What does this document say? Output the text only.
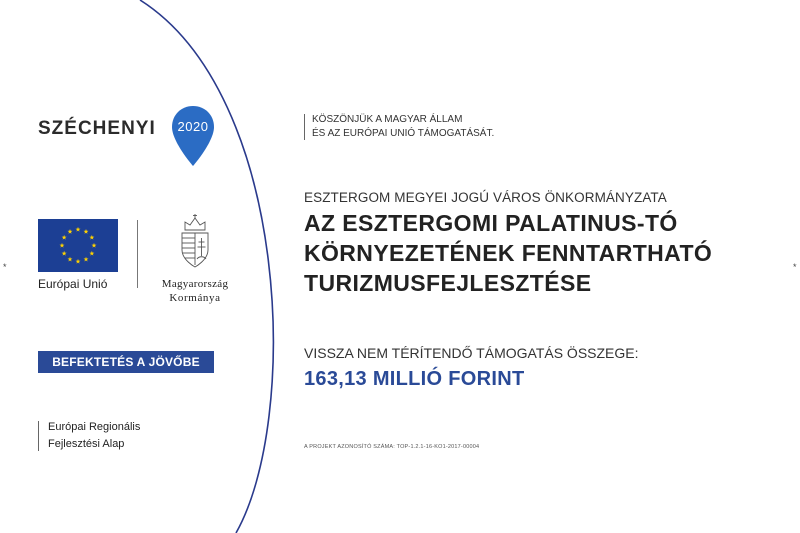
*	*
SZÉCHENYI 2020
Európai Unió	Magyarország
Kormánya
BEFEKTETÉS A JÖVŐBE
Európai Regionális
Fejlesztési Alap
KÖSZÖNJÜK A MAGYAR ÁLLAM
ÉS AZ EURÓPAI UNIÓ TÁMOGATÁSÁT.
ESZTERGOM MEGYEI JOGÚ VÁROS ÖNKORMÁNYZATA
AZ ESZTERGOMI PALATINUS-TÓ
KÖRNYEZETÉNEK FENNTARTHATÓ
TURIZMUSFEJLESZTÉSE
VISSZA NEM TÉRÍTENDŐ TÁMOGATÁS ÖSSZEGE:
163,13 MILLIÓ FORINT
A PROJEKT AZONOSÍTÓ SZÁMA: TOP-1.2.1-16-KO1-2017-00004
